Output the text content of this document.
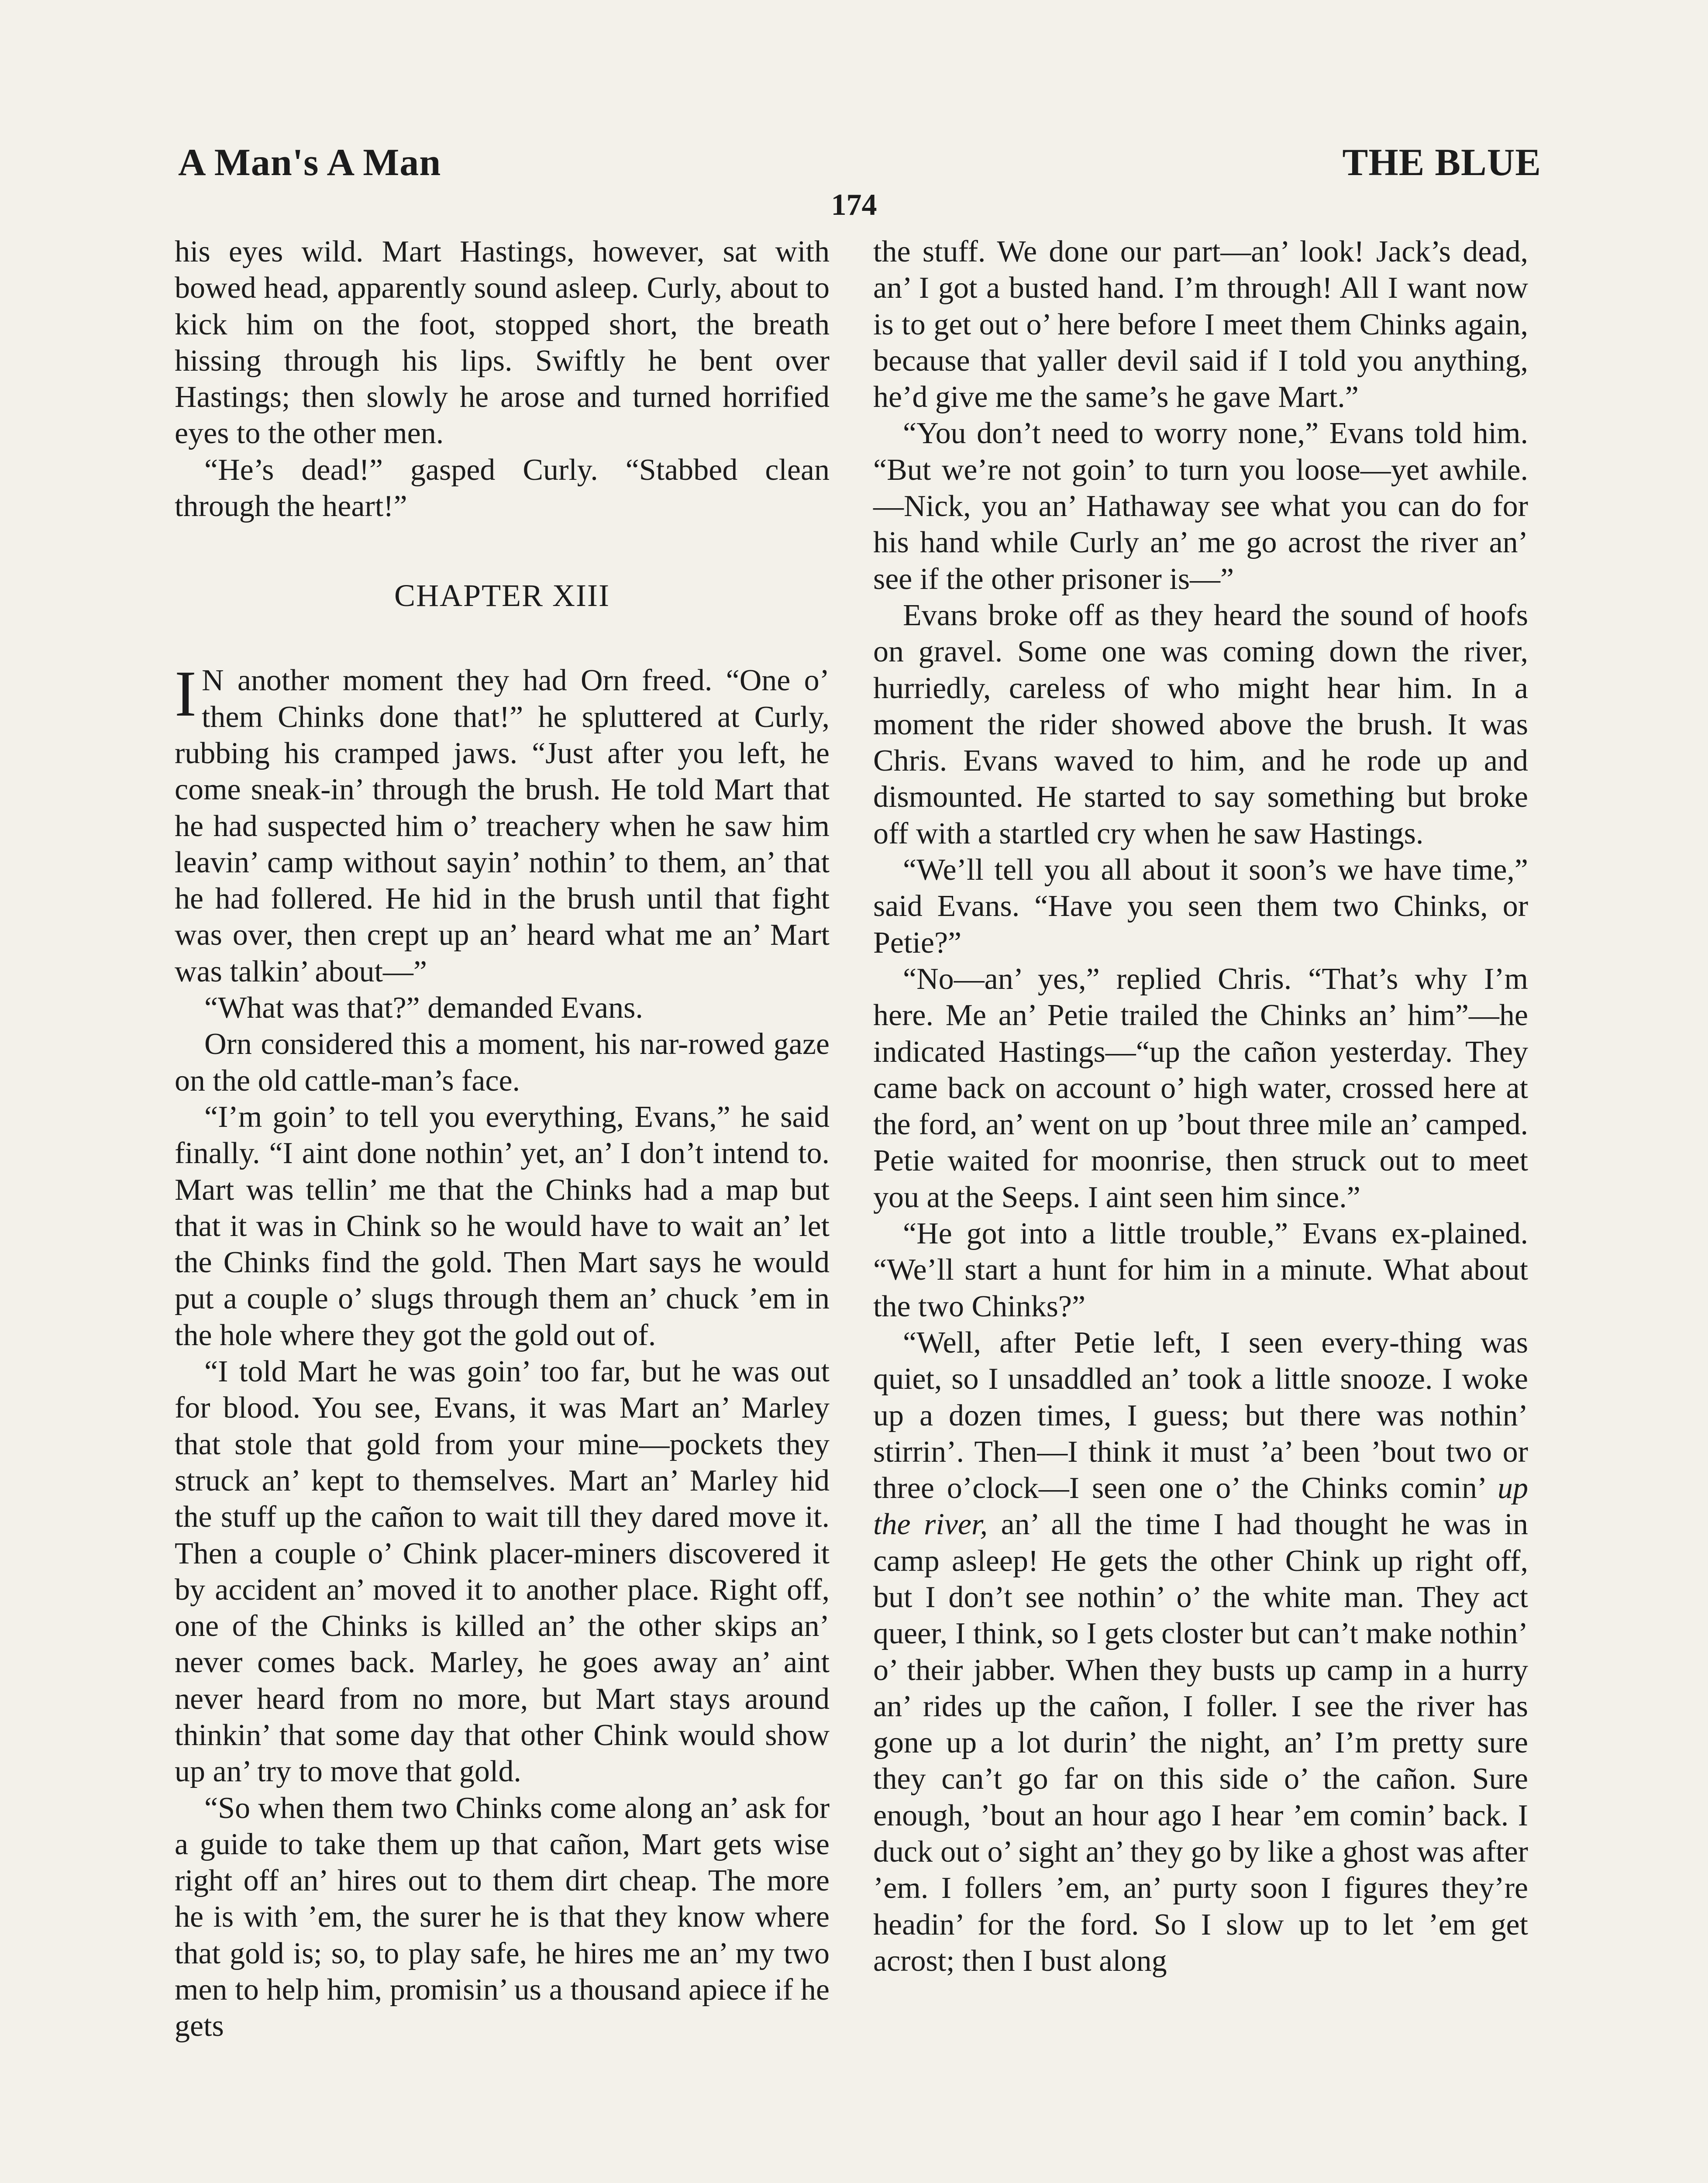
A Man's A Man	THE BLUE
174

his eyes wild. Mart Hastings, however, sat with bowed head, apparently sound asleep. Curly, about to kick him on the foot, stopped short, the breath hissing through his lips. Swiftly he bent over Hastings; then slowly he arose and turned horrified eyes to the other men.

“He’s dead!” gasped Curly. “Stabbed clean through the heart!”

CHAPTER XIII

I N another moment they had Orn freed. “One o’ them Chinks done that!” he spluttered at Curly, rubbing his cramped jaws. “Just after you left, he come sneak-in’ through the brush. He told Mart that he had suspected him o’ treachery when he saw him leavin’ camp without sayin’ nothin’ to them, an’ that he had follered. He hid in the brush until that fight was over, then crept up an’ heard what me an’ Mart was talkin’ about—”

“What was that?” demanded Evans.

Orn considered this a moment, his nar-rowed gaze on the old cattle-man’s face.

“I’m goin’ to tell you everything, Evans,” he said finally. “I aint done nothin’ yet, an’ I don’t intend to. Mart was tellin’ me that the Chinks had a map but that it was in Chink so he would have to wait an’ let the Chinks find the gold. Then Mart says he would put a couple o’ slugs through them an’ chuck ’em in the hole where they got the gold out of.

“I told Mart he was goin’ too far, but he was out for blood. You see, Evans, it was Mart an’ Marley that stole that gold from your mine—pockets they struck an’ kept to themselves. Mart an’ Marley hid the stuff up the cañon to wait till they dared move it. Then a couple o’ Chink placer-miners discovered it by accident an’ moved it to another place. Right off, one of the Chinks is killed an’ the other skips an’ never comes back. Marley, he goes away an’ aint never heard from no more, but Mart stays around thinkin’ that some day that other Chink would show up an’ try to move that gold.

“So when them two Chinks come along an’ ask for a guide to take them up that cañon, Mart gets wise right off an’ hires out to them dirt cheap. The more he is with ’em, the surer he is that they know where that gold is; so, to play safe, he hires me an’ my two men to help him, promisin’ us a thousand apiece if he gets

the stuff. We done our part—an’ look! Jack’s dead, an’ I got a busted hand. I’m through! All I want now is to get out o’ here before I meet them Chinks again, because that yaller devil said if I told you anything, he’d give me the same’s he gave Mart.”

“You don’t need to worry none,” Evans told him. “But we’re not goin’ to turn you loose—yet awhile. —Nick, you an’ Hathaway see what you can do for his hand while Curly an’ me go acrost the river an’ see if the other prisoner is—”

Evans broke off as they heard the sound of hoofs on gravel. Some one was coming down the river, hurriedly, careless of who might hear him. In a moment the rider showed above the brush. It was Chris. Evans waved to him, and he rode up and dismounted. He started to say something but broke off with a startled cry when he saw Hastings.

“We’ll tell you all about it soon’s we have time,” said Evans. “Have you seen them two Chinks, or Petie?”

“No—an’ yes,” replied Chris. “That’s why I’m here. Me an’ Petie trailed the Chinks an’ him”—he indicated Hastings—“up the cañon yesterday. They came back on account o’ high water, crossed here at the ford, an’ went on up ’bout three mile an’ camped. Petie waited for moonrise, then struck out to meet you at the Seeps. I aint seen him since.”

“He got into a little trouble,” Evans ex-plained. “We’ll start a hunt for him in a minute. What about the two Chinks?”

“Well, after Petie left, I seen every-thing was quiet, so I unsaddled an’ took a little snooze. I woke up a dozen times, I guess; but there was nothin’ stirrin’. Then—I think it must ’a’ been ’bout two or three o’clock—I seen one o’ the Chinks comin’ up the river, an’ all the time I had thought he was in camp asleep! He gets the other Chink up right off, but I don’t see nothin’ o’ the white man. They act queer, I think, so I gets closter but can’t make nothin’ o’ their jabber. When they busts up camp in a hurry an’ rides up the cañon, I foller. I see the river has gone up a lot durin’ the night, an’ I’m pretty sure they can’t go far on this side o’ the cañon. Sure enough, ’bout an hour ago I hear ’em comin’ back. I duck out o’ sight an’ they go by like a ghost was after ’em. I follers ’em, an’ purty soon I figures they’re headin’ for the ford. So I slow up to let ’em get acrost; then I bust along
